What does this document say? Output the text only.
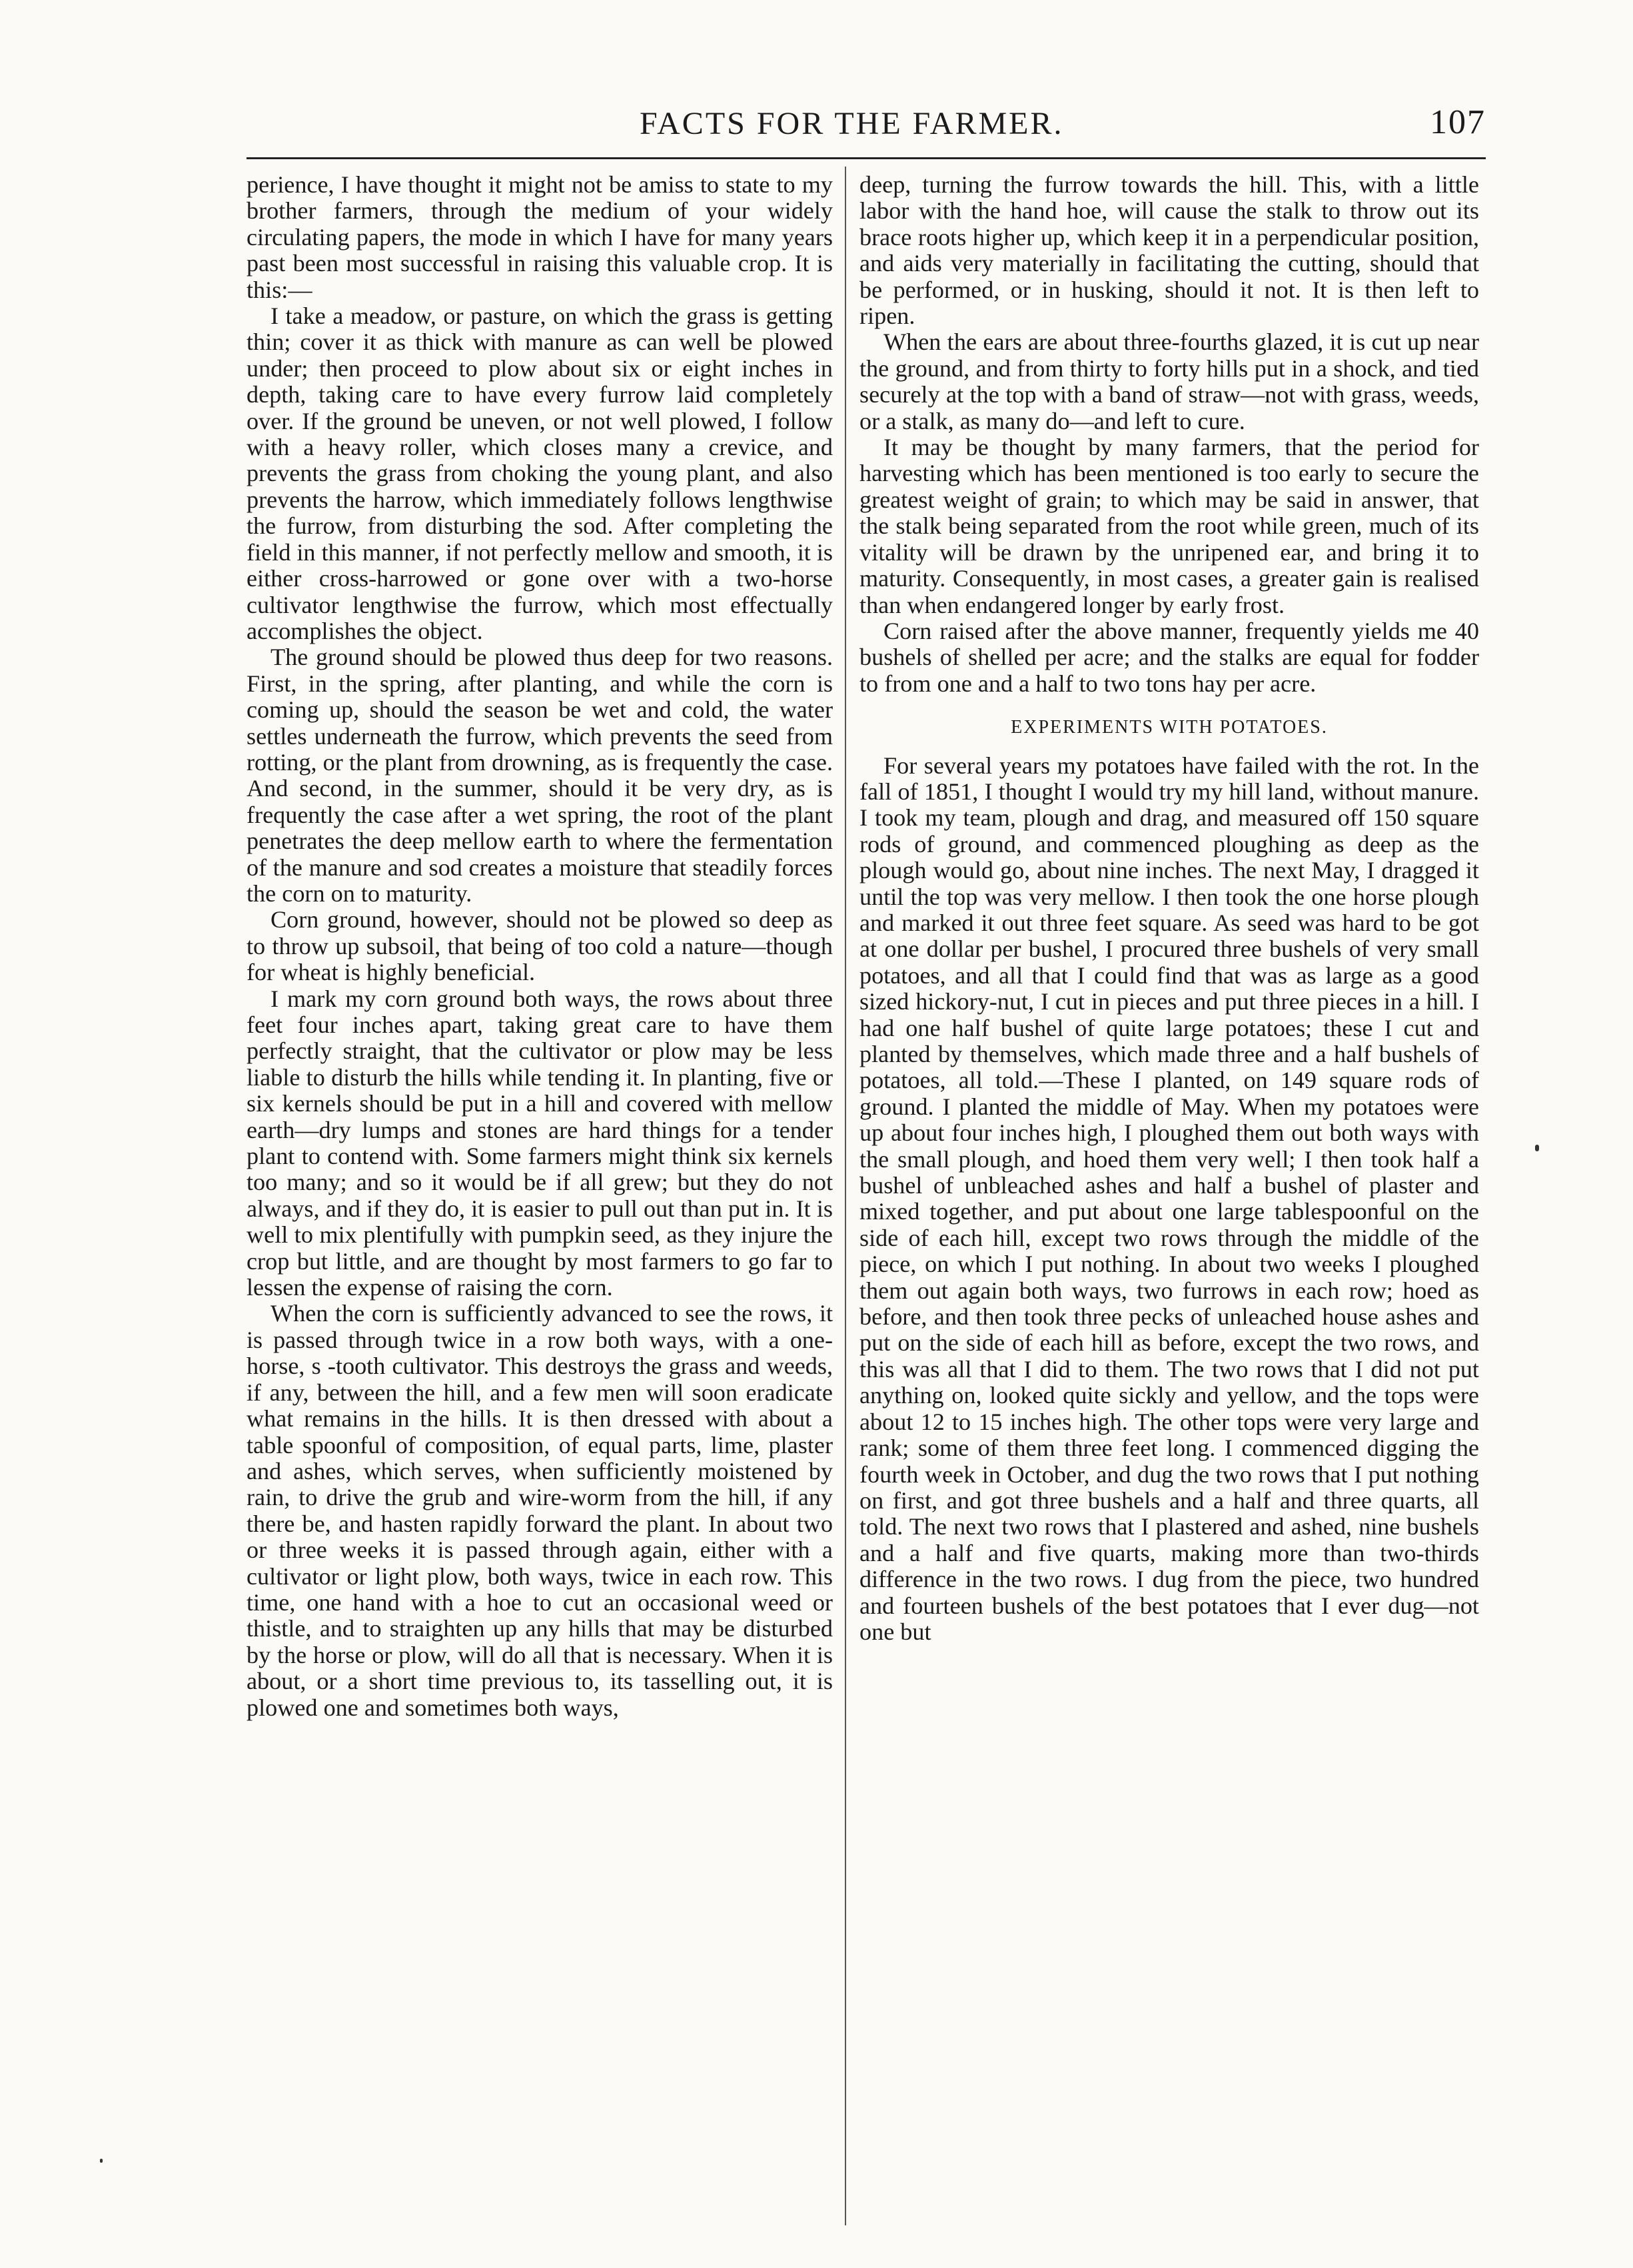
FACTS FOR THE FARMER.	107

perience, I have thought it might not be amiss to state to my brother farmers, through the medium of your widely circulating papers, the mode in which I have for many years past been most successful in raising this valuable crop. It is this:—

I take a meadow, or pasture, on which the grass is getting thin; cover it as thick with manure as can well be plowed under; then proceed to plow about six or eight inches in depth, taking care to have every furrow laid completely over. If the ground be uneven, or not well plowed, I follow with a heavy roller, which closes many a crevice, and prevents the grass from choking the young plant, and also prevents the harrow, which immediately follows lengthwise the furrow, from disturbing the sod. After completing the field in this manner, if not perfectly mellow and smooth, it is either cross-harrowed or gone over with a two-horse cultivator lengthwise the furrow, which most effectually accomplishes the object.

The ground should be plowed thus deep for two reasons. First, in the spring, after planting, and while the corn is coming up, should the season be wet and cold, the water settles underneath the furrow, which prevents the seed from rotting, or the plant from drowning, as is frequently the case. And second, in the summer, should it be very dry, as is frequently the case after a wet spring, the root of the plant penetrates the deep mellow earth to where the fermentation of the manure and sod creates a moisture that steadily forces the corn on to maturity.

Corn ground, however, should not be plowed so deep as to throw up subsoil, that being of too cold a nature—though for wheat is highly beneficial.

I mark my corn ground both ways, the rows about three feet four inches apart, taking great care to have them perfectly straight, that the cultivator or plow may be less liable to disturb the hills while tending it. In planting, five or six kernels should be put in a hill and covered with mellow earth—dry lumps and stones are hard things for a tender plant to contend with. Some farmers might think six kernels too many; and so it would be if all grew; but they do not always, and if they do, it is easier to pull out than put in. It is well to mix plentifully with pumpkin seed, as they injure the crop but little, and are thought by most farmers to go far to lessen the expense of raising the corn.

When the corn is sufficiently advanced to see the rows, it is passed through twice in a row both ways, with a one-horse, s -tooth cultivator. This destroys the grass and weeds, if any, between the hill, and a few men will soon eradicate what remains in the hills. It is then dressed with about a table spoonful of composition, of equal parts, lime, plaster and ashes, which serves, when sufficiently moistened by rain, to drive the grub and wire-worm from the hill, if any there be, and hasten rapidly forward the plant. In about two or three weeks it is passed through again, either with a cultivator or light plow, both ways, twice in each row. This time, one hand with a hoe to cut an occasional weed or thistle, and to straighten up any hills that may be disturbed by the horse or plow, will do all that is necessary. When it is about, or a short time previous to, its tasselling out, it is plowed one and sometimes both ways,

deep, turning the furrow towards the hill. This, with a little labor with the hand hoe, will cause the stalk to throw out its brace roots higher up, which keep it in a perpendicular position, and aids very materially in facilitating the cutting, should that be performed, or in husking, should it not. It is then left to ripen.

When the ears are about three-fourths glazed, it is cut up near the ground, and from thirty to forty hills put in a shock, and tied securely at the top with a band of straw—not with grass, weeds, or a stalk, as many do—and left to cure.

It may be thought by many farmers, that the period for harvesting which has been mentioned is too early to secure the greatest weight of grain; to which may be said in answer, that the stalk being separated from the root while green, much of its vitality will be drawn by the unripened ear, and bring it to maturity. Consequently, in most cases, a greater gain is realised than when endangered longer by early frost.

Corn raised after the above manner, frequently yields me 40 bushels of shelled per acre; and the stalks are equal for fodder to from one and a half to two tons hay per acre.

EXPERIMENTS WITH POTATOES.

For several years my potatoes have failed with the rot. In the fall of 1851, I thought I would try my hill land, without manure. I took my team, plough and drag, and measured off 150 square rods of ground, and commenced ploughing as deep as the plough would go, about nine inches. The next May, I dragged it until the top was very mellow. I then took the one horse plough and marked it out three feet square. As seed was hard to be got at one dollar per bushel, I procured three bushels of very small potatoes, and all that I could find that was as large as a good sized hickory-nut, I cut in pieces and put three pieces in a hill. I had one half bushel of quite large potatoes; these I cut and planted by themselves, which made three and a half bushels of potatoes, all told.—These I planted, on 149 square rods of ground. I planted the middle of May. When my potatoes were up about four inches high, I ploughed them out both ways with the small plough, and hoed them very well; I then took half a bushel of unbleached ashes and half a bushel of plaster and mixed together, and put about one large tablespoonful on the side of each hill, except two rows through the middle of the piece, on which I put nothing. In about two weeks I ploughed them out again both ways, two furrows in each row; hoed as before, and then took three pecks of unleached house ashes and put on the side of each hill as before, except the two rows, and this was all that I did to them. The two rows that I did not put anything on, looked quite sickly and yellow, and the tops were about 12 to 15 inches high. The other tops were very large and rank; some of them three feet long. I commenced digging the fourth week in October, and dug the two rows that I put nothing on first, and got three bushels and a half and three quarts, all told. The next two rows that I plastered and ashed, nine bushels and a half and five quarts, making more than two-thirds difference in the two rows. I dug from the piece, two hundred and fourteen bushels of the best potatoes that I ever dug—not one but
